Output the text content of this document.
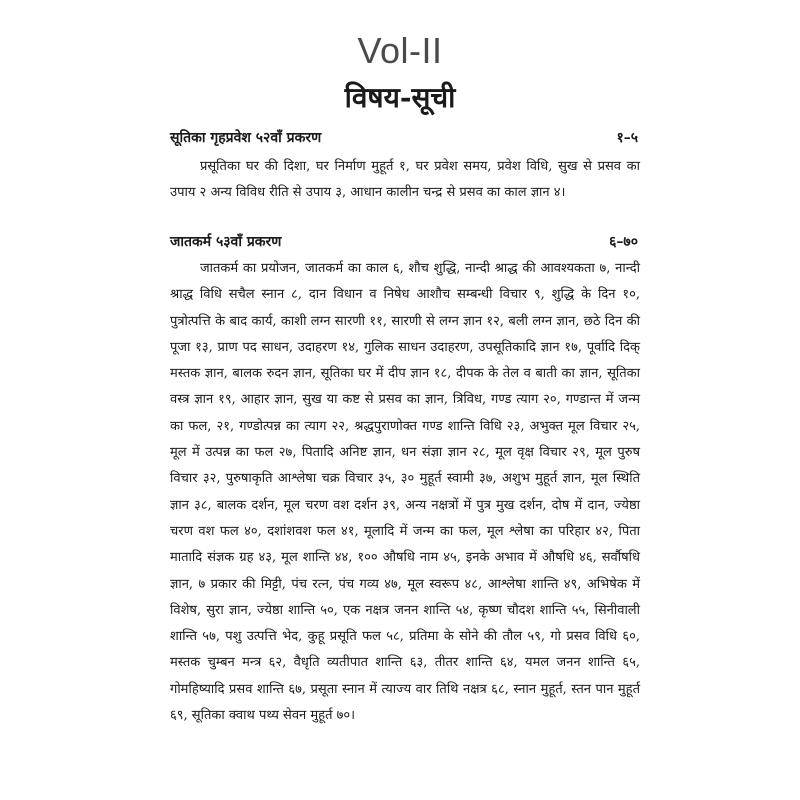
Vol-II
विषय-सूची
सूतिका गृहप्रवेश ५२वाँ प्रकरण	१–५

प्रसूतिका घर की दिशा, घर निर्माण मुहूर्त १, घर प्रवेश समय, प्रवेश विधि, सुख से प्रसव का उपाय २ अन्य विविध रीति से उपाय ३, आधान कालीन चन्द्र से प्रसव का काल ज्ञान ४।

जातकर्म ५३वाँ प्रकरण	६–७०

जातकर्म का प्रयोजन, जातकर्म का काल ६, शौच शुद्धि, नान्दी श्राद्ध की आवश्यकता ७, नान्दी श्राद्ध विधि सचैल स्नान ८, दान विधान व निषेध आशौच सम्बन्धी विचार ९, शुद्धि के दिन १०, पुत्रोत्पत्ति के बाद कार्य, काशी लग्न सारणी ११, सारणी से लग्न ज्ञान १२, बली लग्न ज्ञान, छठे दिन की पूजा १३, प्राण पद साधन, उदाहरण १४, गुलिक साधन उदाहरण, उपसूतिकादि ज्ञान १७, पूर्वादि दिक् मस्तक ज्ञान, बालक रुदन ज्ञान, सूतिका घर में दीप ज्ञान १८, दीपक के तेल व बाती का ज्ञान, सूतिका वस्त्र ज्ञान १९, आहार ज्ञान, सुख या कष्ट से प्रसव का ज्ञान, त्रिविध, गण्ड त्याग २०, गण्डान्त में जन्म का फल, २१, गण्डोत्पन्न का त्याग २२, श्रद्धपुराणोक्त गण्ड शान्ति विधि २३, अभुक्त मूल विचार २५, मूल में उत्पन्न का फल २७, पितादि अनिष्ट ज्ञान, धन संज्ञा ज्ञान २८, मूल वृक्ष विचार २९, मूल पुरुष विचार ३२, पुरुषाकृति आश्लेषा चक्र विचार ३५, ३० मुहूर्त स्वामी ३७, अशुभ मुहूर्त ज्ञान, मूल स्थिति ज्ञान ३८, बालक दर्शन, मूल चरण वश दर्शन ३९, अन्य नक्षत्रों में पुत्र मुख दर्शन, दोष में दान, ज्येष्ठा चरण वश फल ४०, दशांशवश फल ४१, मूलादि में जन्म का फल, मूल श्लेषा का परिहार ४२, पिता मातादि संज्ञक ग्रह ४३, मूल शान्ति ४४, १०० औषधि नाम ४५, इनके अभाव में औषधि ४६, सर्वौषधि ज्ञान, ७ प्रकार की मिट्टी, पंच रत्न, पंच गव्य ४७, मूल स्वरूप ४८, आश्लेषा शान्ति ४९, अभिषेक में विशेष, सुरा ज्ञान, ज्येष्ठा शान्ति ५०, एक नक्षत्र जनन शान्ति ५४, कृष्ण चौदश शान्ति ५५, सिनीवाली शान्ति ५७, पशु उत्पत्ति भेद, कुहू प्रसूति फल ५८, प्रतिमा के सोने की तौल ५९, गो प्रसव विधि ६०, मस्तक चुम्बन मन्त्र ६२, वैधृति व्यतीपात शान्ति ६३, तीतर शान्ति ६४, यमल जनन शान्ति ६५, गोमहिष्यादि प्रसव शान्ति ६७, प्रसूता स्नान में त्याज्य वार तिथि नक्षत्र ६८, स्नान मुहूर्त, स्तन पान मुहूर्त ६९, सूतिका क्वाथ पथ्य सेवन मुहूर्त ७०।
